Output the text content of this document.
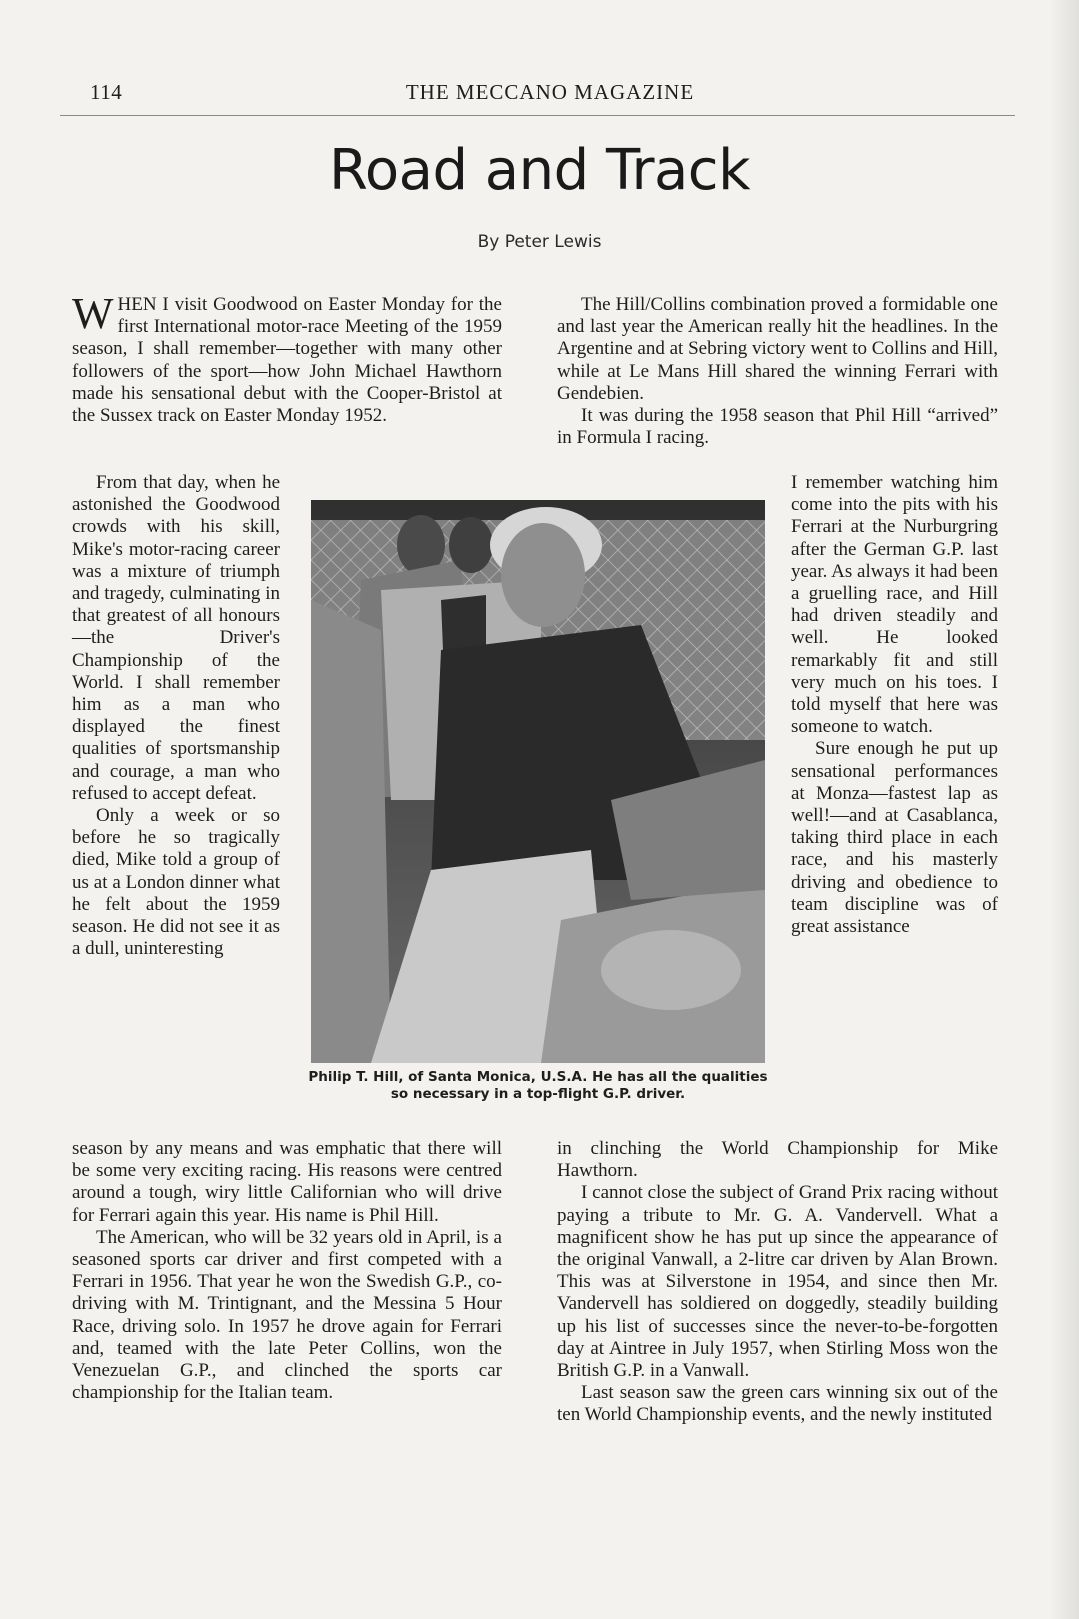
114	THE MECCANO MAGAZINE
Road and Track
By Peter Lewis

WHEN I visit Goodwood on Easter Monday for the first International motor-race Meeting of the 1959 season, I shall remember—together with many other followers of the sport—how John Michael Hawthorn made his sensational debut with the Cooper-Bristol at the Sussex track on Easter Monday 1952.

From that day, when he astonished the Goodwood crowds with his skill, Mike's motor-racing career was a mixture of triumph and tragedy, culminating in that greatest of all honours—the Driver's Championship of the World. I shall remember him as a man who displayed the finest qualities of sportsmanship and courage, a man who refused to accept defeat.

Only a week or so before he so tragically died, Mike told a group of us at a London dinner what he felt about the 1959 season. He did not see it as a dull, uninteresting

season by any means and was emphatic that there will be some very exciting racing. His reasons were centred around a tough, wiry little Californian who will drive for Ferrari again this year. His name is Phil Hill.

The American, who will be 32 years old in April, is a seasoned sports car driver and first competed with a Ferrari in 1956. That year he won the Swedish G.P., co-driving with M. Trintignant, and the Messina 5 Hour Race, driving solo. In 1957 he drove again for Ferrari and, teamed with the late Peter Collins, won the Venezuelan G.P., and clinched the sports car championship for the Italian team.

The Hill/Collins combination proved a formidable one and last year the American really hit the headlines. In the Argentine and at Sebring victory went to Collins and Hill, while at Le Mans Hill shared the winning Ferrari with Gendebien.

It was during the 1958 season that Phil Hill “arrived” in Formula I racing.

I remember watching him come into the pits with his Ferrari at the Nurburgring after the German G.P. last year. As always it had been a gruelling race, and Hill had driven steadily and well. He looked remarkably fit and still very much on his toes. I told myself that here was someone to watch.

Sure enough he put up sensational performances at Monza—fastest lap as well!—and at Casablanca, taking third place in each race, and his masterly driving and obedience to team discipline was of great assistance

in clinching the World Championship for Mike Hawthorn.

I cannot close the subject of Grand Prix racing without paying a tribute to Mr. G. A. Vandervell. What a magnificent show he has put up since the appearance of the original Vanwall, a 2-litre car driven by Alan Brown. This was at Silverstone in 1954, and since then Mr. Vandervell has soldiered on doggedly, steadily building up his list of successes since the never-to-be-forgotten day at Aintree in July 1957, when Stirling Moss won the British G.P. in a Vanwall.

Last season saw the green cars winning six out of the ten World Championship events, and the newly instituted

Philip T. Hill, of Santa Monica, U.S.A. He has all the qualities so necessary in a top-flight G.P. driver.
